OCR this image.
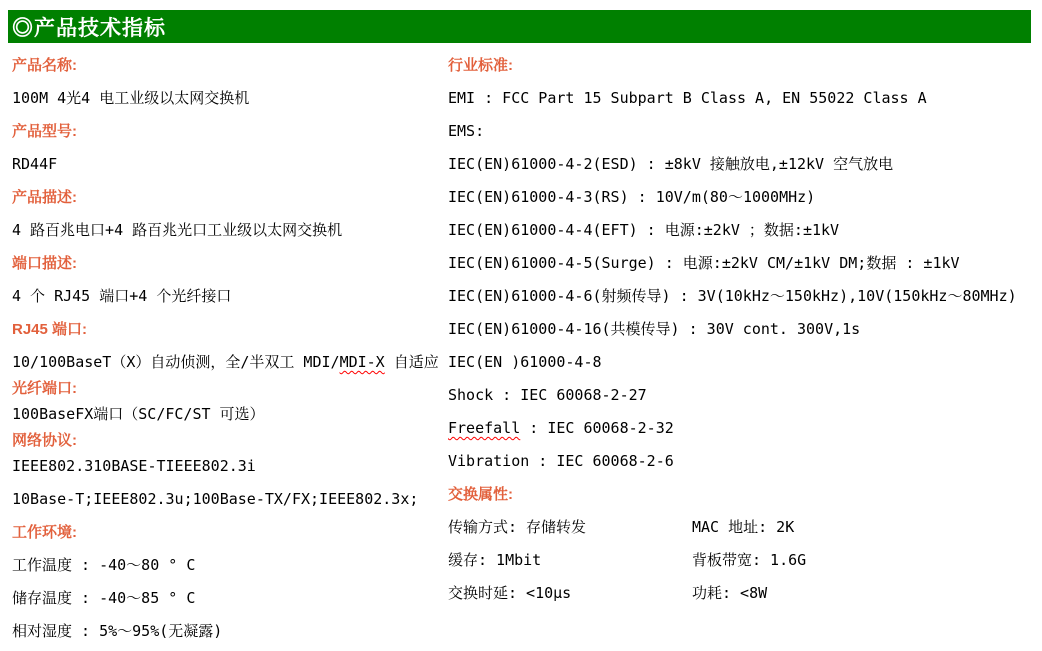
◎产品技术指标
产品名称:
100M 4光4 电工业级以太网交换机
产品型号:
RD44F
产品描述:
4 路百兆电口+4 路百兆光口工业级以太网交换机
端口描述:
4 个 RJ45 端口+4 个光纤接口
RJ45 端口:
10/100BaseT（X）自动侦测，全/半双工 MDI/MDI-X 自适应
光纤端口:
100BaseFX端口（SC/FC/ST 可选）
网络协议:
IEEE802.310BASE-TIEEE802.3i
10Base-T;IEEE802.3u;100Base-TX/FX;IEEE802.3x;
工作环境:
工作温度 : -40～80 ° C
储存温度 : -40～85 ° C
相对湿度 : 5%～95%(无凝露)
行业标准:
EMI : FCC Part 15 Subpart B Class A, EN 55022 Class A
EMS:
IEC(EN)61000-4-2(ESD) : ±8kV 接触放电,±12kV 空气放电
IEC(EN)61000-4-3(RS) : 10V/m(80～1000MHz)
IEC(EN)61000-4-4(EFT) : 电源:±2kV ；数据:±1kV
IEC(EN)61000-4-5(Surge) : 电源:±2kV CM/±1kV DM;数据 : ±1kV
IEC(EN)61000-4-6(射频传导) : 3V(10kHz～150kHz),10V(150kHz～80MHz)
IEC(EN)61000-4-16(共模传导) : 30V cont. 300V,1s
IEC(EN )61000-4-8
Shock : IEC 60068-2-27
Freefall : IEC 60068-2-32
Vibration : IEC 60068-2-6
交换属性:
传输方式: 存储转发	MAC 地址: 2K
缓存: 1Mbit	背板带宽: 1.6G
交换时延: <10μs	功耗: <8W
